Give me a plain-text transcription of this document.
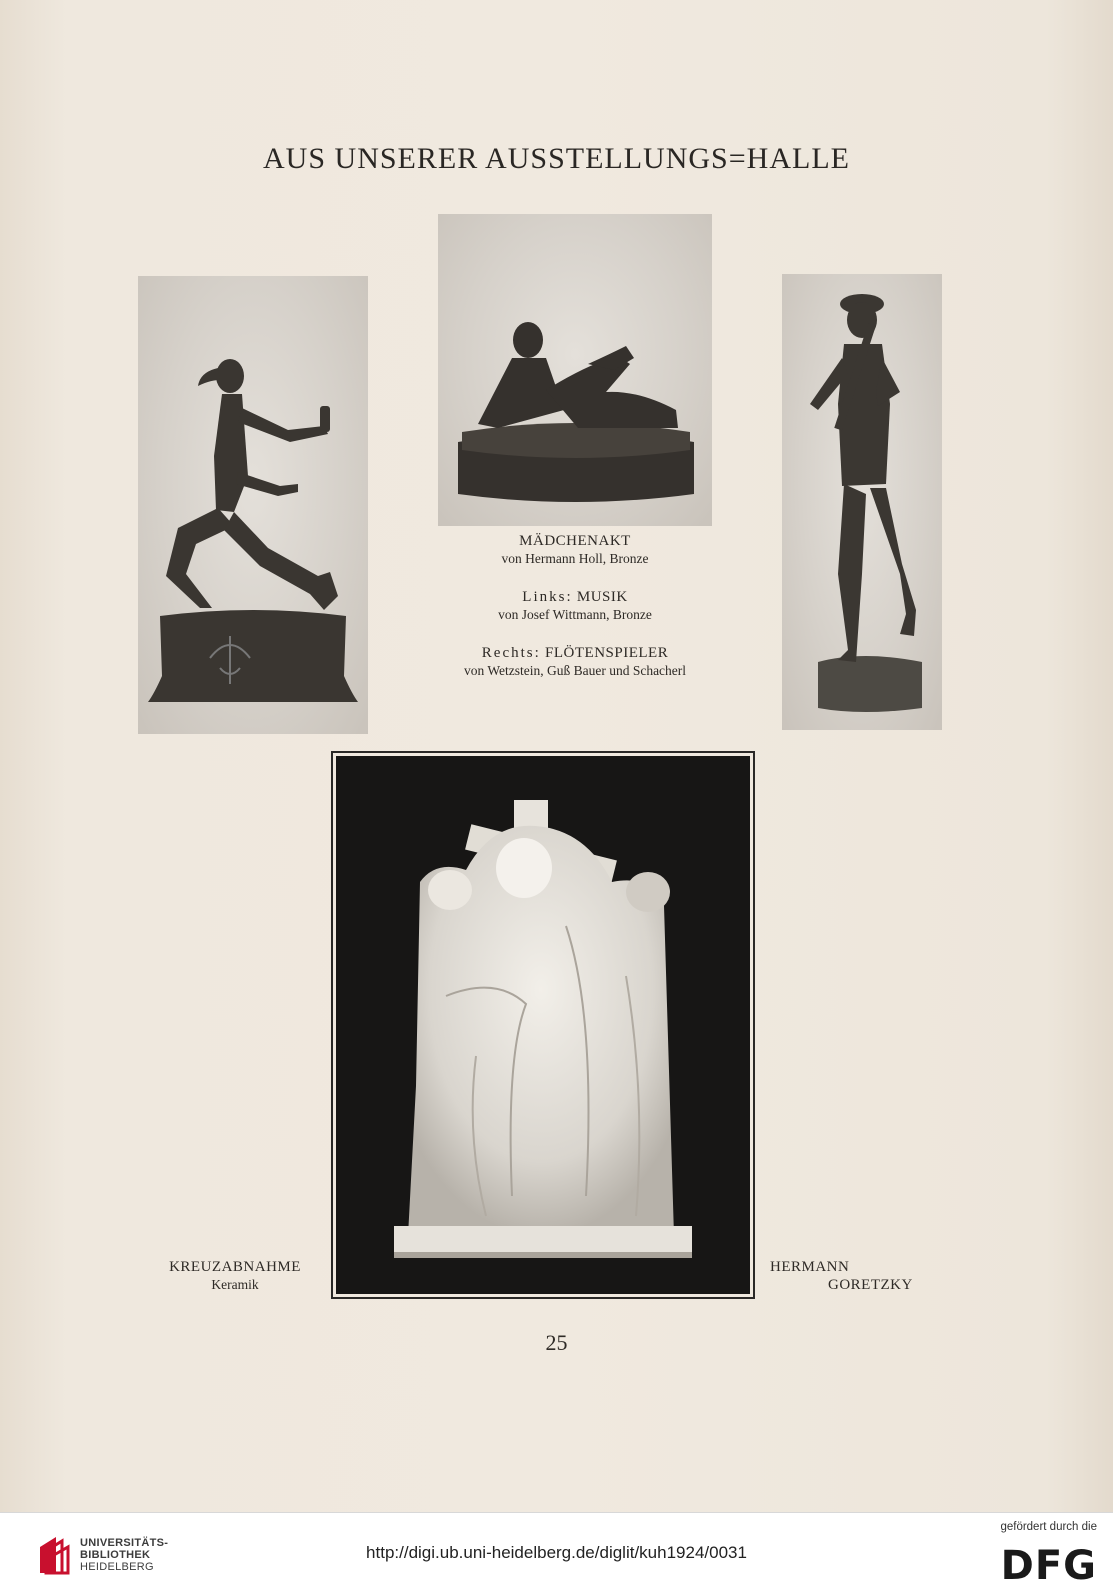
AUS UNSERER AUSSTELLUNGS=HALLE
MÄDCHENAKT
von Hermann Holl, Bronze
Links: MUSIK
von Josef Wittmann, Bronze
Rechts: FLÖTENSPIELER
von Wetzstein, Guß Bauer und Schacherl
KREUZABNAHME
Keramik
HERMANN
GORETZKY
25
UNIVERSITÄTS-
BIBLIOTHEK
HEIDELBERG
http://digi.ub.uni-heidelberg.de/diglit/kuh1924/0031
gefördert durch die
DFG
